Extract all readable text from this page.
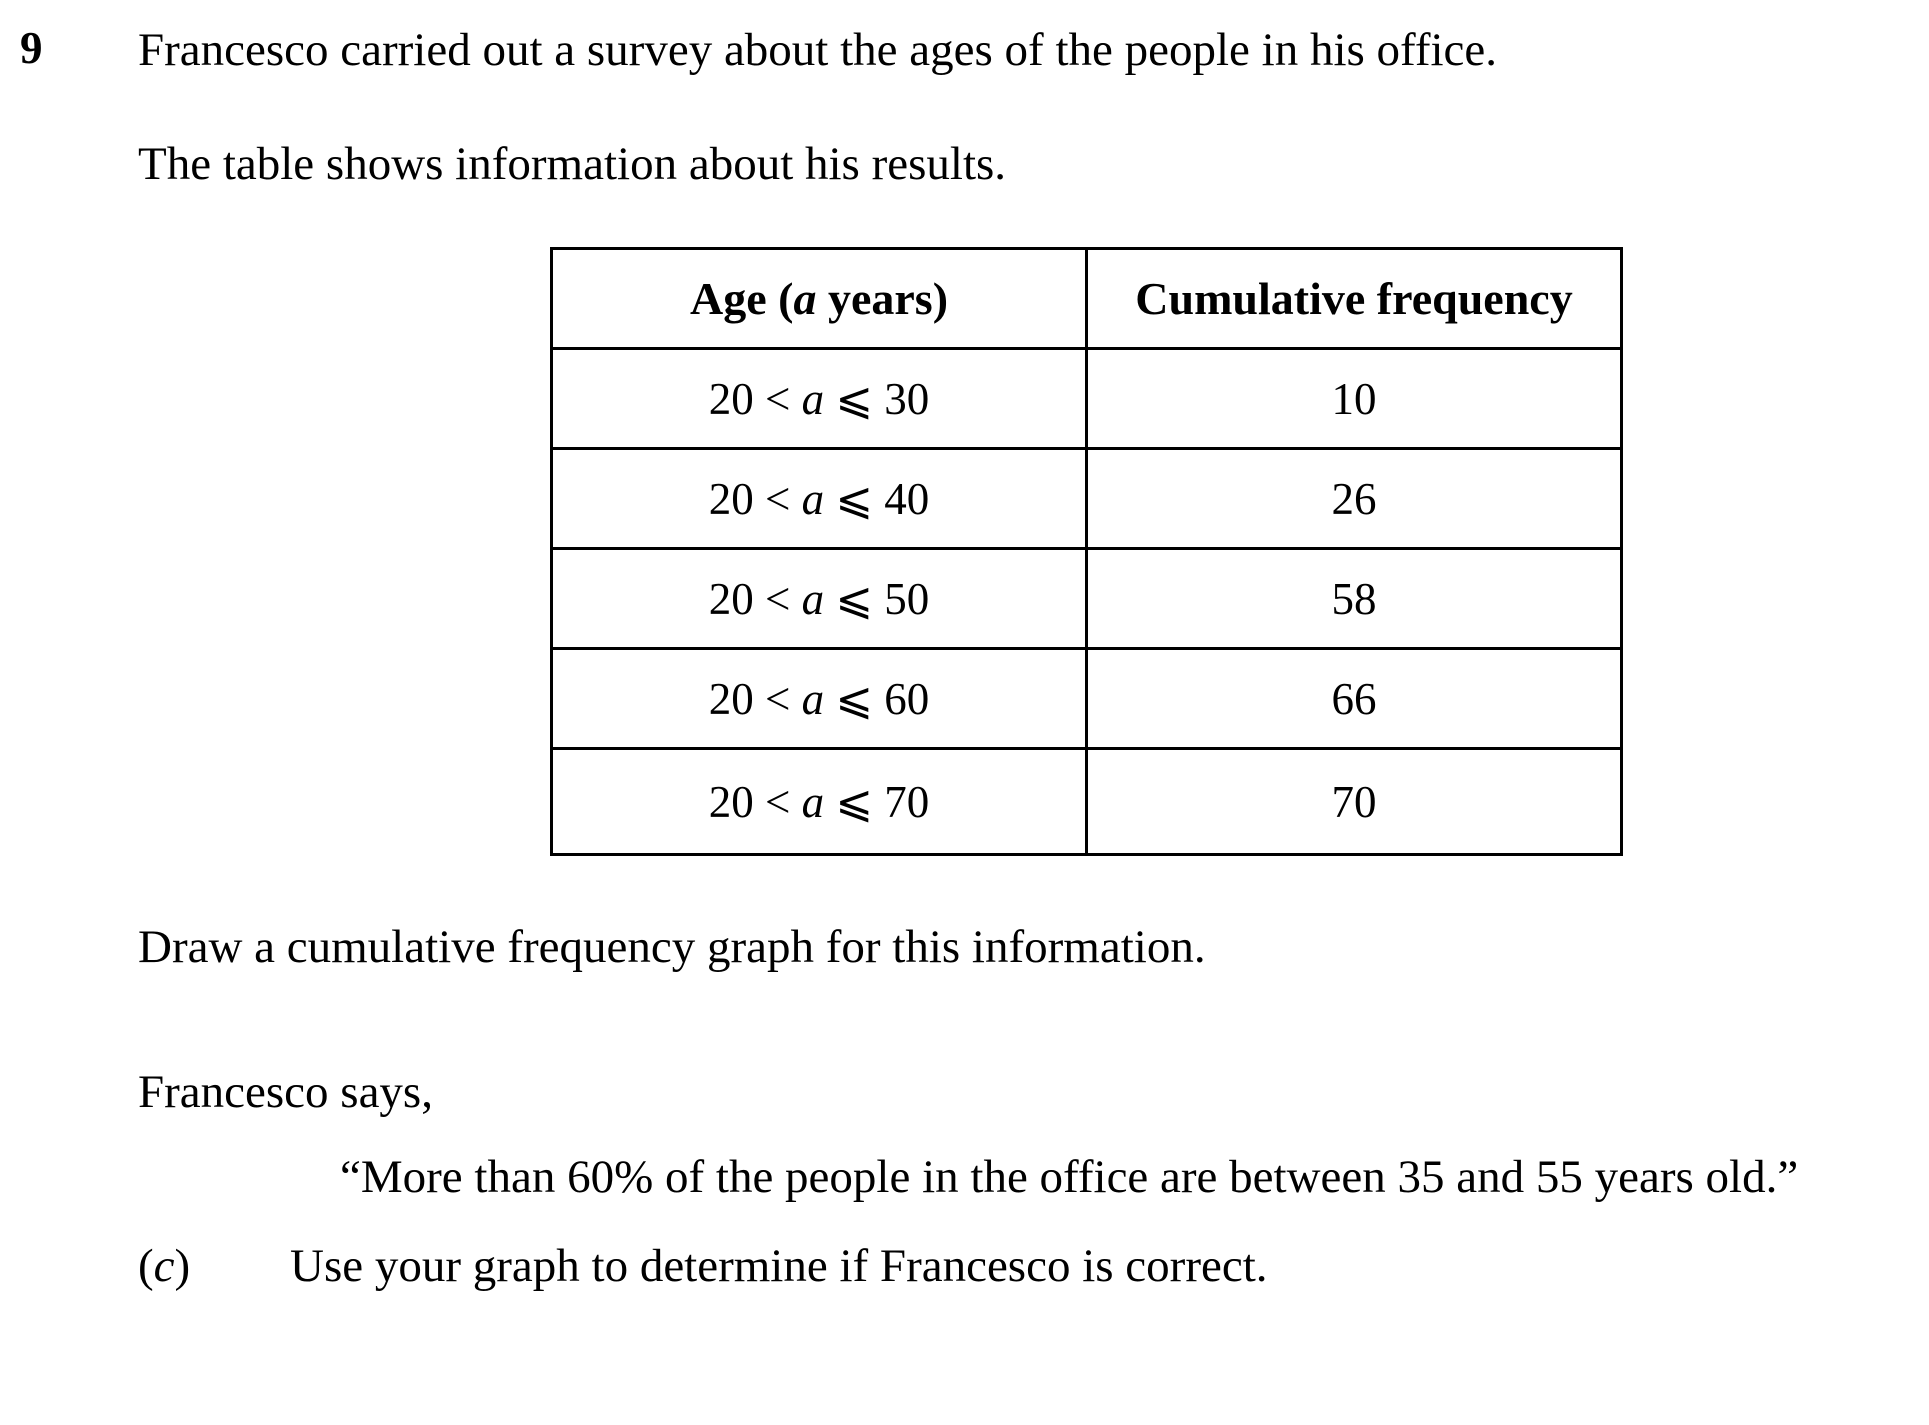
9 Francesco carried out a survey about the ages of the people in his office.
The table shows information about his results.
Age (a years)	Cumulative frequency
20 < a ⩽ 30	10
20 < a ⩽ 40	26
20 < a ⩽ 50	58
20 < a ⩽ 60	66
20 < a ⩽ 70	70
Draw a cumulative frequency graph for this information.
Francesco says,
“More than 60% of the people in the office are between 35 and 55 years old.”
(c) Use your graph to determine if Francesco is correct.
